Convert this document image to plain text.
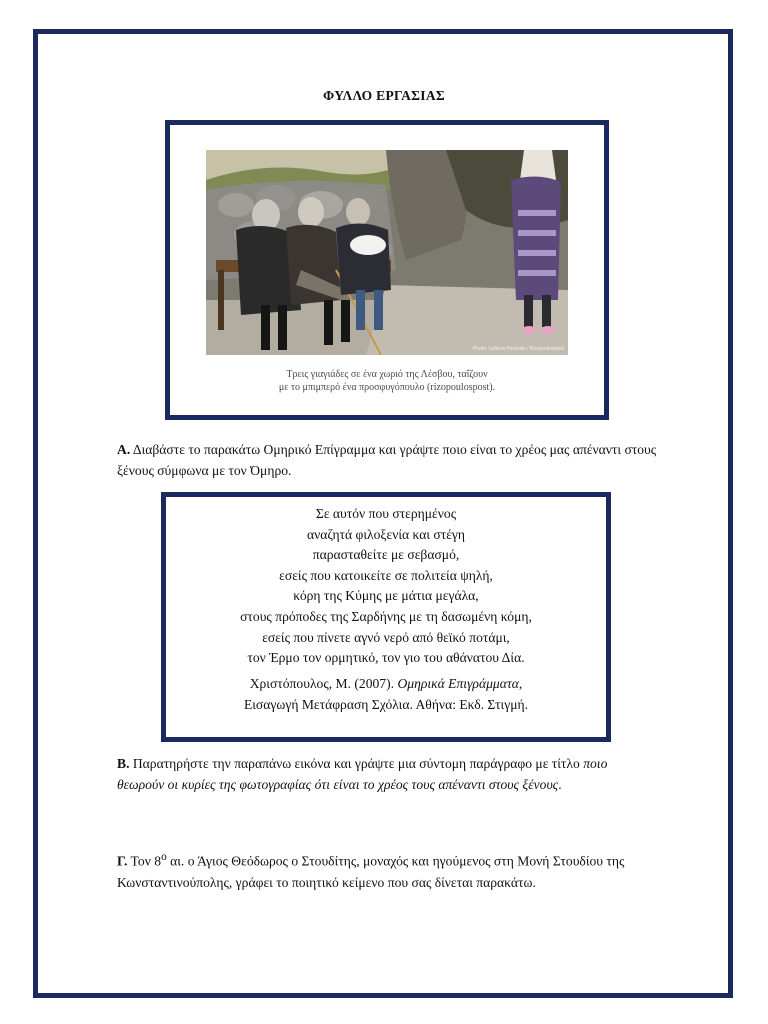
ΦΥΛΛΟ ΕΡΓΑΣΙΑΣ
Photo: Lefteris Partsalis / Rizopoulospost
Τρεις γιαγιάδες σε ένα χωριό της Λέσβου, ταΐζουν
με το μπιμπερό ένα προσφυγόπουλο (rizopoulospost).
Α. Διαβάστε το παρακάτω Ομηρικό Επίγραμμα και γράψτε ποιο είναι το χρέος μας απέναντι στους ξένους σύμφωνα με τον Όμηρο.
Σε αυτόν που στερημένος
αναζητά φιλοξενία και στέγη
παρασταθείτε με σεβασμό,
εσείς που κατοικείτε σε πολιτεία ψηλή,
κόρη της Κύμης με μάτια μεγάλα,
στους πρόποδες της Σαρδήνης με τη δασωμένη κόμη,
εσείς που πίνετε αγνό νερό από θεϊκό ποτάμι,
τον Έρμο τον ορμητικό, τον γιο του αθάνατου Δία.
Χριστόπουλος, Μ. (2007). Ομηρικά Επιγράμματα,
Εισαγωγή Μετάφραση Σχόλια. Αθήνα: Εκδ. Στιγμή.
Β. Παρατηρήστε την παραπάνω εικόνα και γράψτε μια σύντομη παράγραφο με τίτλο ποιο θεωρούν οι κυρίες της φωτογραφίας ότι είναι το χρέος τους απέναντι στους ξένους.
Γ. Τον $8^o$ αι. ο Άγιος Θεόδωρος ο Στουδίτης, μοναχός και ηγούμενος στη Μονή Στουδίου της Κωνσταντινούπολης, γράφει το ποιητικό κείμενο που σας δίνεται παρακάτω.
